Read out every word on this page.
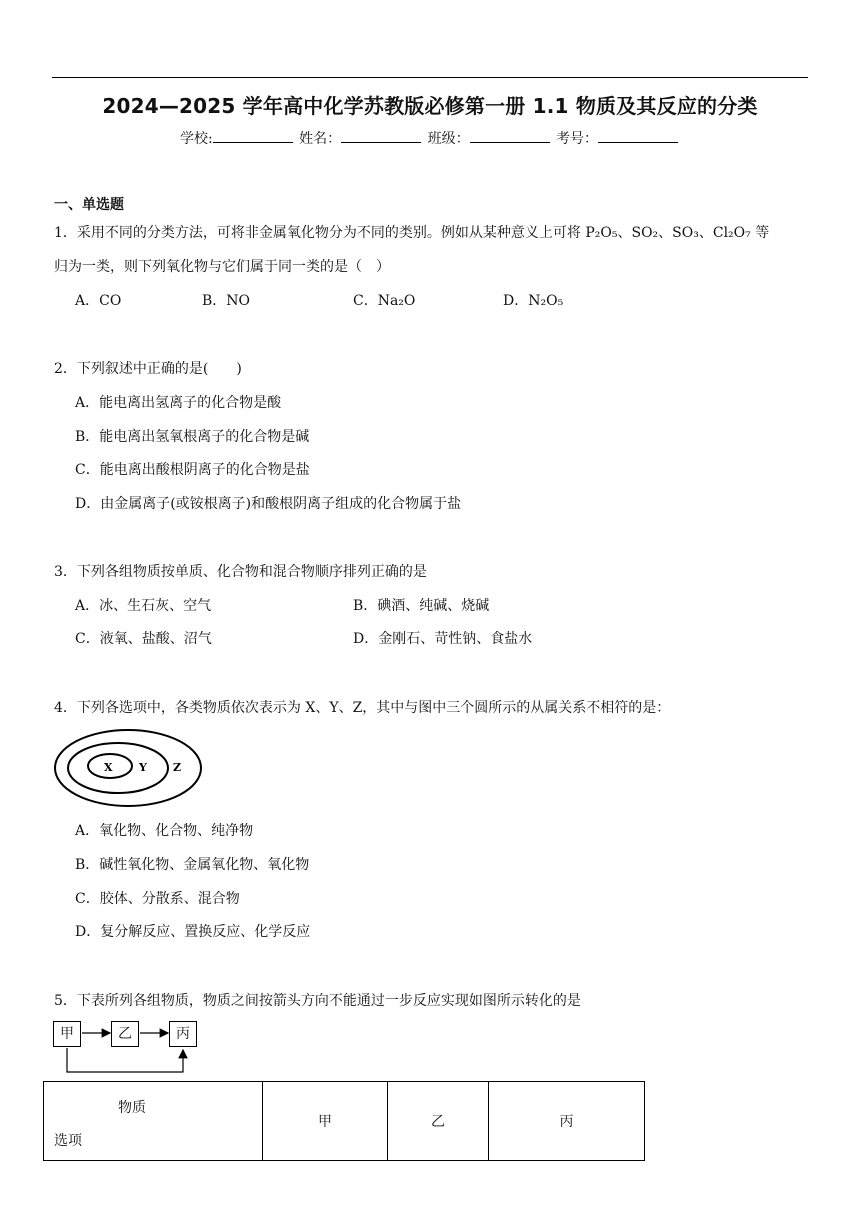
2024—2025 学年高中化学苏教版必修第一册 1.1 物质及其反应的分类
学校:	姓名：	班级：	考号：
一、单选题
1．采用不同的分类方法，可将非金属氧化物分为不同的类别。例如从某种意义上可将 P₂O₅、SO₂、SO₃、Cl₂O₇ 等
归为一类，则下列氧化物与它们属于同一类的是（　）
A．CO	B．NO	C．Na₂O	D．N₂O₅
2．下列叙述中正确的是(　　)
A．能电离出氢离子的化合物是酸
B．能电离出氢氧根离子的化合物是碱
C．能电离出酸根阴离子的化合物是盐
D．由金属离子(或铵根离子)和酸根阴离子组成的化合物属于盐
3．下列各组物质按单质、化合物和混合物顺序排列正确的是
A．冰、生石灰、空气	B．碘酒、纯碱、烧碱
C．液氧、盐酸、沼气	D．金刚石、苛性钠、食盐水
4．下列各选项中，各类物质依次表示为 X、Y、Z，其中与图中三个圆所示的从属关系不相符的是：
X Y Z
A．氧化物、化合物、纯净物
B．碱性氧化物、金属氧化物、氧化物
C．胶体、分散系、混合物
D．复分解反应、置换反应、化学反应
5．下表所列各组物质，物质之间按箭头方向不能通过一步反应实现如图所示转化的是
甲	乙	丙
物质
选项
	甲	乙	丙
